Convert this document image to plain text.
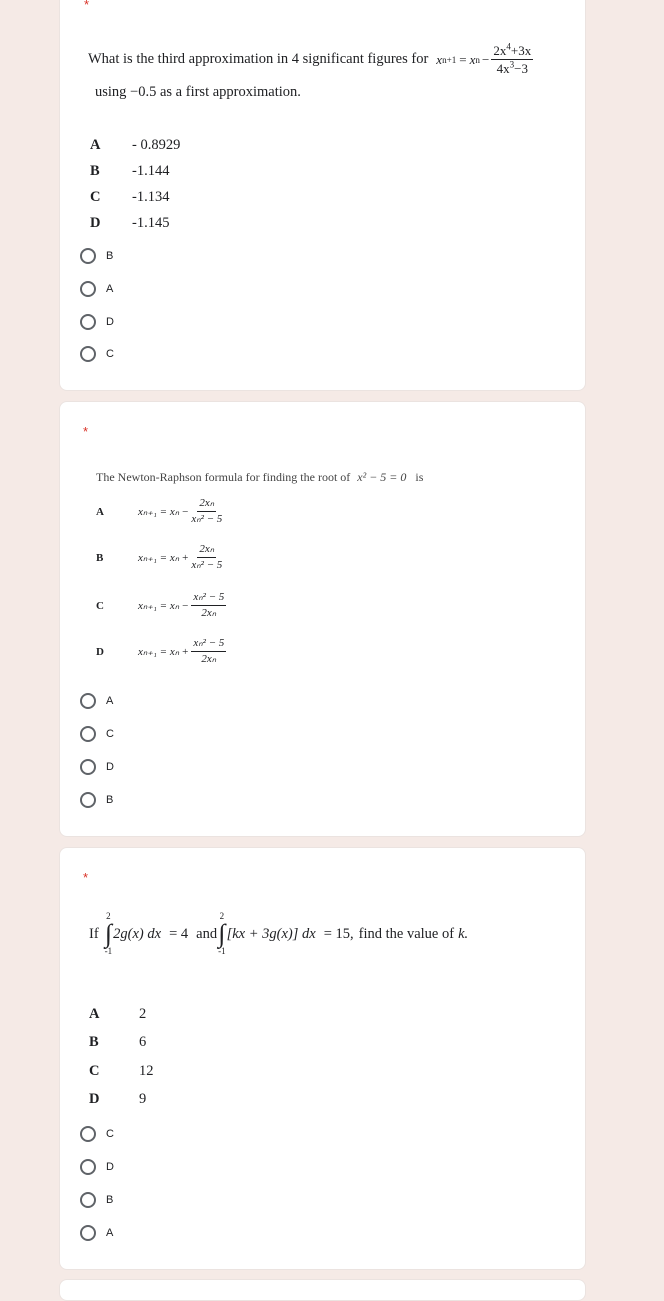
*
What is the third approximation in 4 significant figures for x n+1 = x $n - \frac{2x^4+3x}{4x^3-3}$
using −0.5 as a first approximation.
A	- 0.8929
B	-1.144
C	-1.134
D	-1.145
B
A
D
C
*
The Newton-Raphson formula for finding the root of x² − 5 = 0 is
A	$x_{n+1} = x_n - \frac{\text{2xₙ}}{\text{xₙ² − 5}}$
B	$x_{n+1} = x_n + \frac{\text{2xₙ}}{\text{xₙ² − 5}}$
C	$x_{n+1} = x_n - \frac{\text{xₙ² − 5}}{\text{2xₙ}}$
D	$x_{n+1} = x_n + \frac{\text{xₙ² − 5}}{\text{2xₙ}}$
A
C
D
B
*
If
2
∫
-1
2g(x) dx = 4 and
2
∫
-1
[kx + 3g(x)] dx = 15, find the value of k.
A	2
B	6
C	12
D	9
C
D
B
A
